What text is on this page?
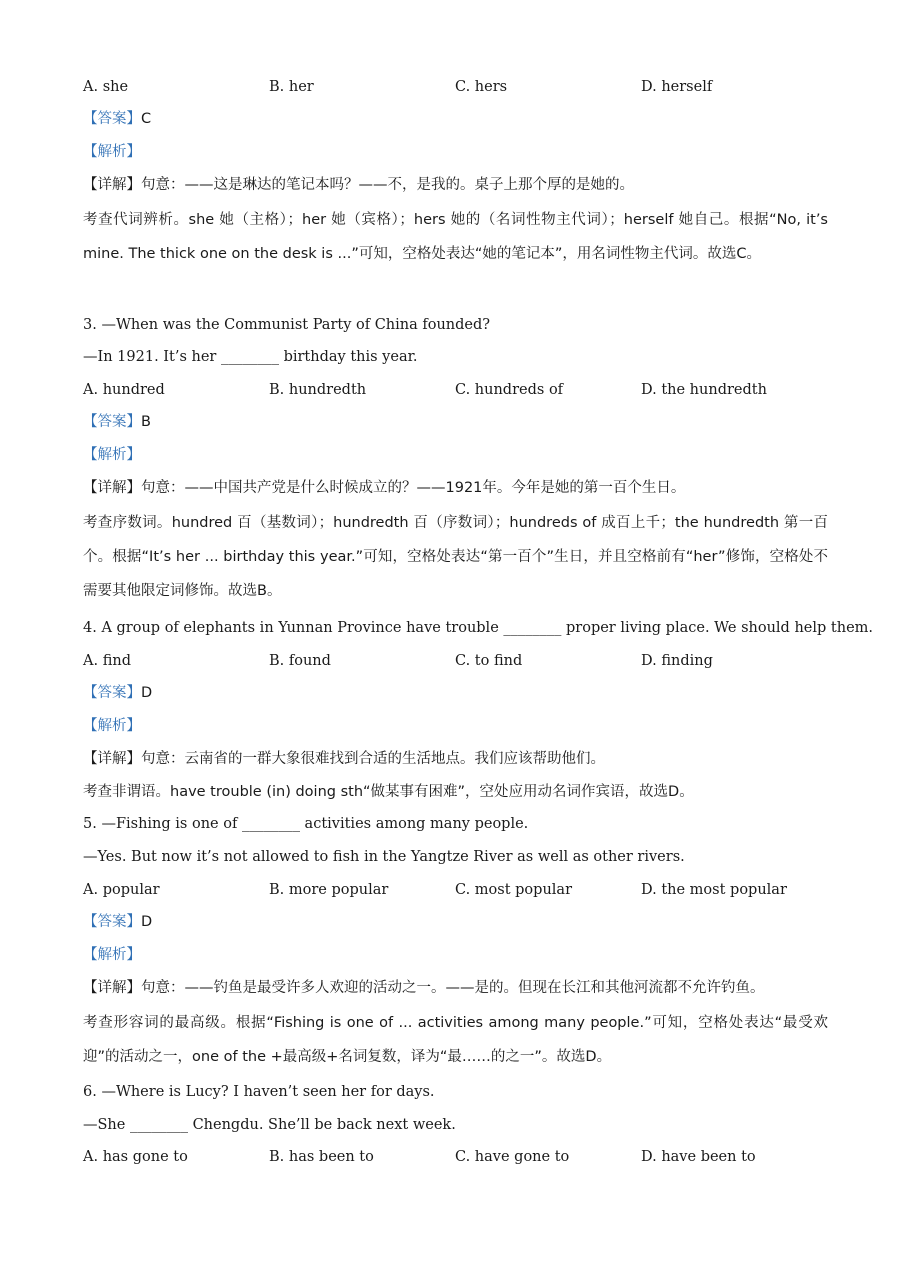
A. she	B. her	C. hers	D. herself
【答案】C
【解析】
【详解】句意：——这是琳达的笔记本吗？——不，是我的。桌子上那个厚的是她的。
考查代词辨析。she 她（主格）；her 她（宾格）；hers 她的（名词性物主代词）；herself 她自己。根据“No, it’s mine. The thick one on the desk is ...”可知，空格处表达“她的笔记本”，用名词性物主代词。故选C。
3. —When was the Communist Party of China founded?
—In 1921. It’s her ________ birthday this year.
A. hundred	B. hundredth	C. hundreds of	D. the hundredth
【答案】B
【解析】
【详解】句意：——中国共产党是什么时候成立的？——1921年。今年是她的第一百个生日。
考查序数词。hundred 百（基数词）；hundredth 百（序数词）；hundreds of 成百上千；the hundredth 第一百个。根据“It’s her ... birthday this year.”可知，空格处表达“第一百个”生日，并且空格前有“her”修饰，空格处不需要其他限定词修饰。故选B。
4. A group of elephants in Yunnan Province have trouble ________ proper living place. We should help them.
A. find	B. found	C. to find	D. finding
【答案】D
【解析】
【详解】句意：云南省的一群大象很难找到合适的生活地点。我们应该帮助他们。
考查非谓语。have trouble (in) doing sth“做某事有困难”，空处应用动名词作宾语，故选D。
5. —Fishing is one of ________ activities among many people.
—Yes. But now it’s not allowed to fish in the Yangtze River as well as other rivers.
A. popular	B. more popular	C. most popular	D. the most popular
【答案】D
【解析】
【详解】句意：——钓鱼是最受许多人欢迎的活动之一。——是的。但现在长江和其他河流都不允许钓鱼。
考查形容词的最高级。根据“Fishing is one of ... activities among many people.”可知，空格处表达“最受欢迎”的活动之一，one of the +最高级+名词复数，译为“最……的之一”。故选D。
6. —Where is Lucy? I haven’t seen her for days.
—She ________ Chengdu. She’ll be back next week.
A. has gone to	B. has been to	C. have gone to	D. have been to
